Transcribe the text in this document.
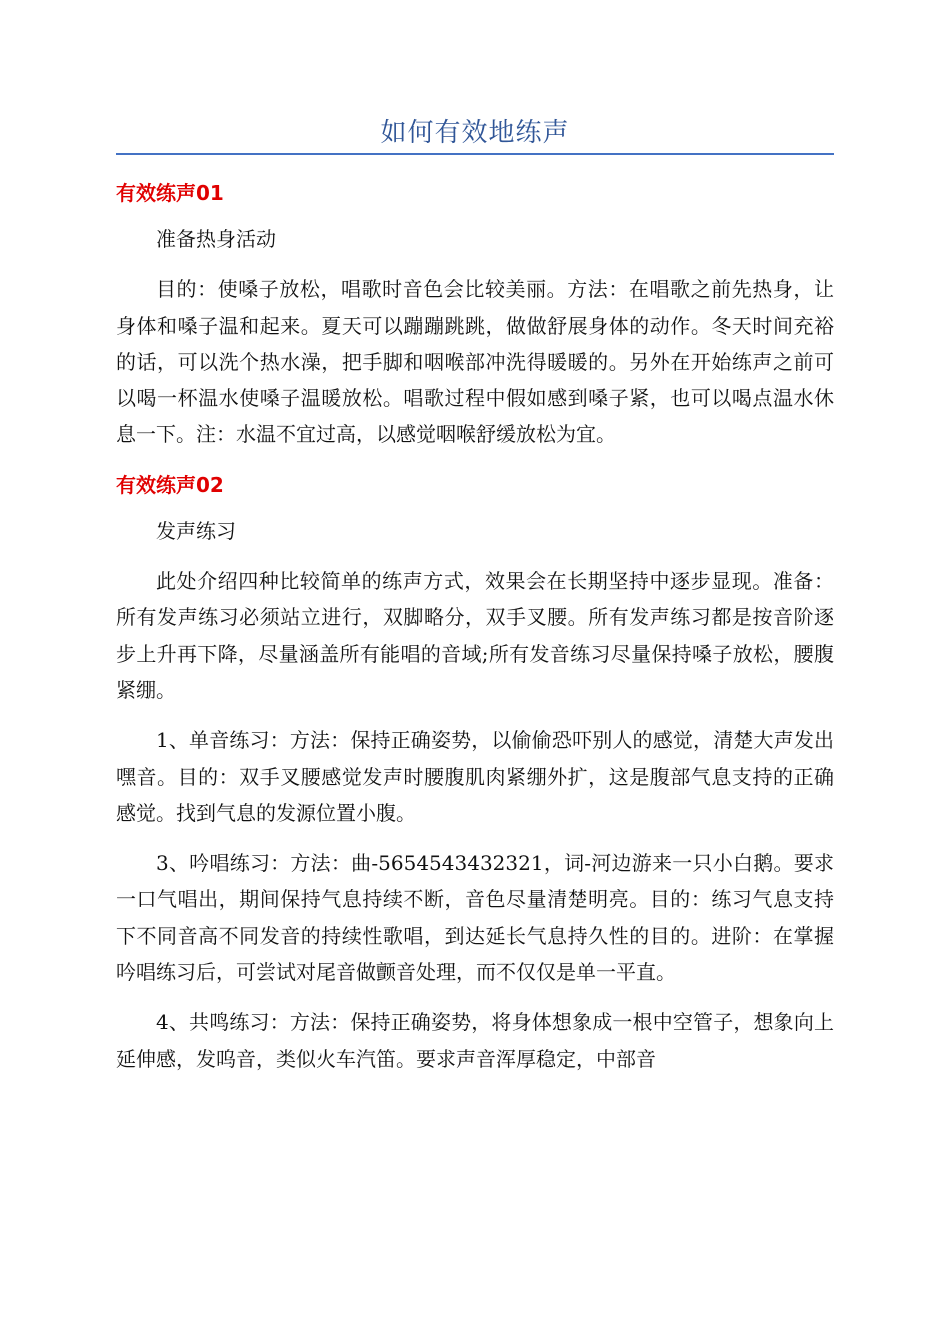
如何有效地练声
有效练声01

准备热身活动

目的：使嗓子放松，唱歌时音色会比较美丽。方法：在唱歌之前先热身，让身体和嗓子温和起来。夏天可以蹦蹦跳跳，做做舒展身体的动作。冬天时间充裕的话，可以洗个热水澡，把手脚和咽喉部冲洗得暖暖的。另外在开始练声之前可以喝一杯温水使嗓子温暖放松。唱歌过程中假如感到嗓子紧，也可以喝点温水休息一下。注：水温不宜过高，以感觉咽喉舒缓放松为宜。

有效练声02

发声练习

此处介绍四种比较简单的练声方式，效果会在长期坚持中逐步显现。准备：所有发声练习必须站立进行，双脚略分，双手叉腰。所有发声练习都是按音阶逐步上升再下降，尽量涵盖所有能唱的音域;所有发音练习尽量保持嗓子放松，腰腹紧绷。

1、单音练习：方法：保持正确姿势，以偷偷恐吓别人的感觉，清楚大声发出嘿音。目的：双手叉腰感觉发声时腰腹肌肉紧绷外扩，这是腹部气息支持的正确感觉。找到气息的发源位置小腹。

3、吟唱练习：方法：曲-5654543432321，词-河边游来一只小白鹅。要求一口气唱出，期间保持气息持续不断，音色尽量清楚明亮。目的：练习气息支持下不同音高不同发音的持续性歌唱，到达延长气息持久性的目的。进阶：在掌握吟唱练习后，可尝试对尾音做颤音处理，而不仅仅是单一平直。

4、共鸣练习：方法：保持正确姿势，将身体想象成一根中空管子，想象向上延伸感，发呜音，类似火车汽笛。要求声音浑厚稳定，中部音
